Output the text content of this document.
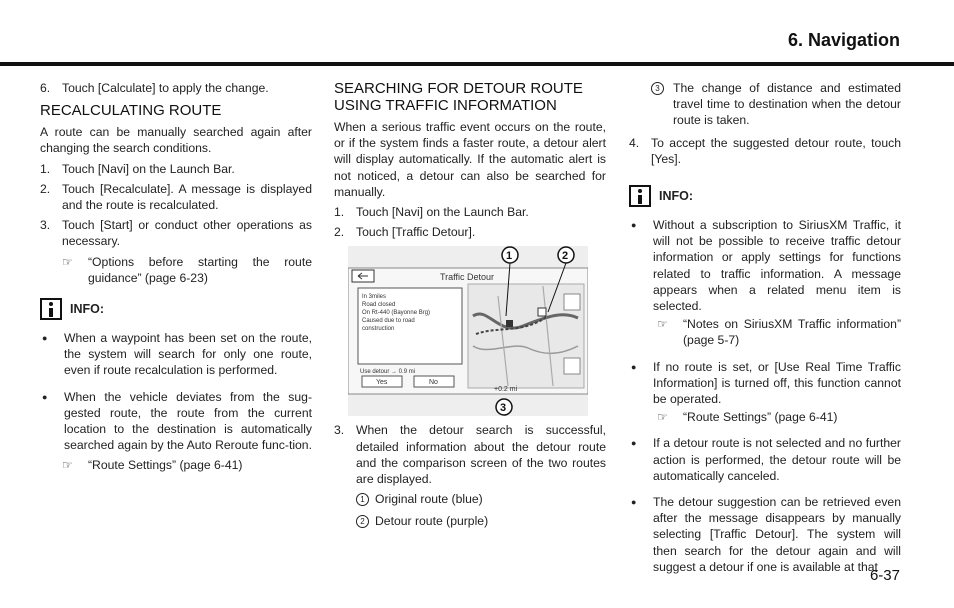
6. Navigation
6. Touch [Calculate] to apply the change.
RECALCULATING ROUTE

A route can be manually searched again after changing the search conditions.

1. Touch [Navi] on the Launch Bar.
2. Touch [Recalculate]. A message is displayed and the route is recalculated.
3. Touch [Start] or conduct other operations as necessary.
☞	“Options before starting the route guidance” (page 6-23)
INFO:
●	When a waypoint has been set on the route, the system will search for only one route, even if route recalculation is performed.
●	When the vehicle deviates from the sug-gested route, the route from the current location to the destination is automatically searched again by the Auto Reroute func-tion.
☞	“Route Settings” (page 6-41)
SEARCHING FOR DETOUR ROUTE USING TRAFFIC INFORMATION

When a serious traffic event occurs on the route, or if the system finds a faster route, a detour alert will display automatically. If the automatic alert is not noticed, a detour can also be searched for manually.

1. Touch [Navi] on the Launch Bar.
2. Touch [Traffic Detour].
Traffic Detour
In 3miles
Road closed
On Rt-440 (Bayonne Brg)
Caused due to road
construction
Use detour → 0.9 mi
Yes	No
+0.2 mi
1	2
3
3. When the detour search is successful, detailed information about the detour route and the comparison screen of the two routes are displayed.
1 Original route (blue)
2 Detour route (purple)
3	The change of distance and estimated travel time to destination when the detour route is taken.
4. To accept the suggested detour route, touch [Yes].
INFO:
●	Without a subscription to SiriusXM Traffic, it will not be possible to receive traffic detour information or apply settings for functions related to traffic information. A message appears when a related menu item is selected.
☞	“Notes on SiriusXM Traffic information” (page 5-7)
●	If no route is set, or [Use Real Time Traffic Information] is turned off, this function cannot be operated.
☞	“Route Settings” (page 6-41)
●	If a detour route is not selected and no further action is performed, the detour route will be automatically canceled.
●	The detour suggestion can be retrieved even after the message disappears by manually selecting [Traffic Detour]. The system will then search for the detour again and will suggest a detour if one is available at that
6-37
